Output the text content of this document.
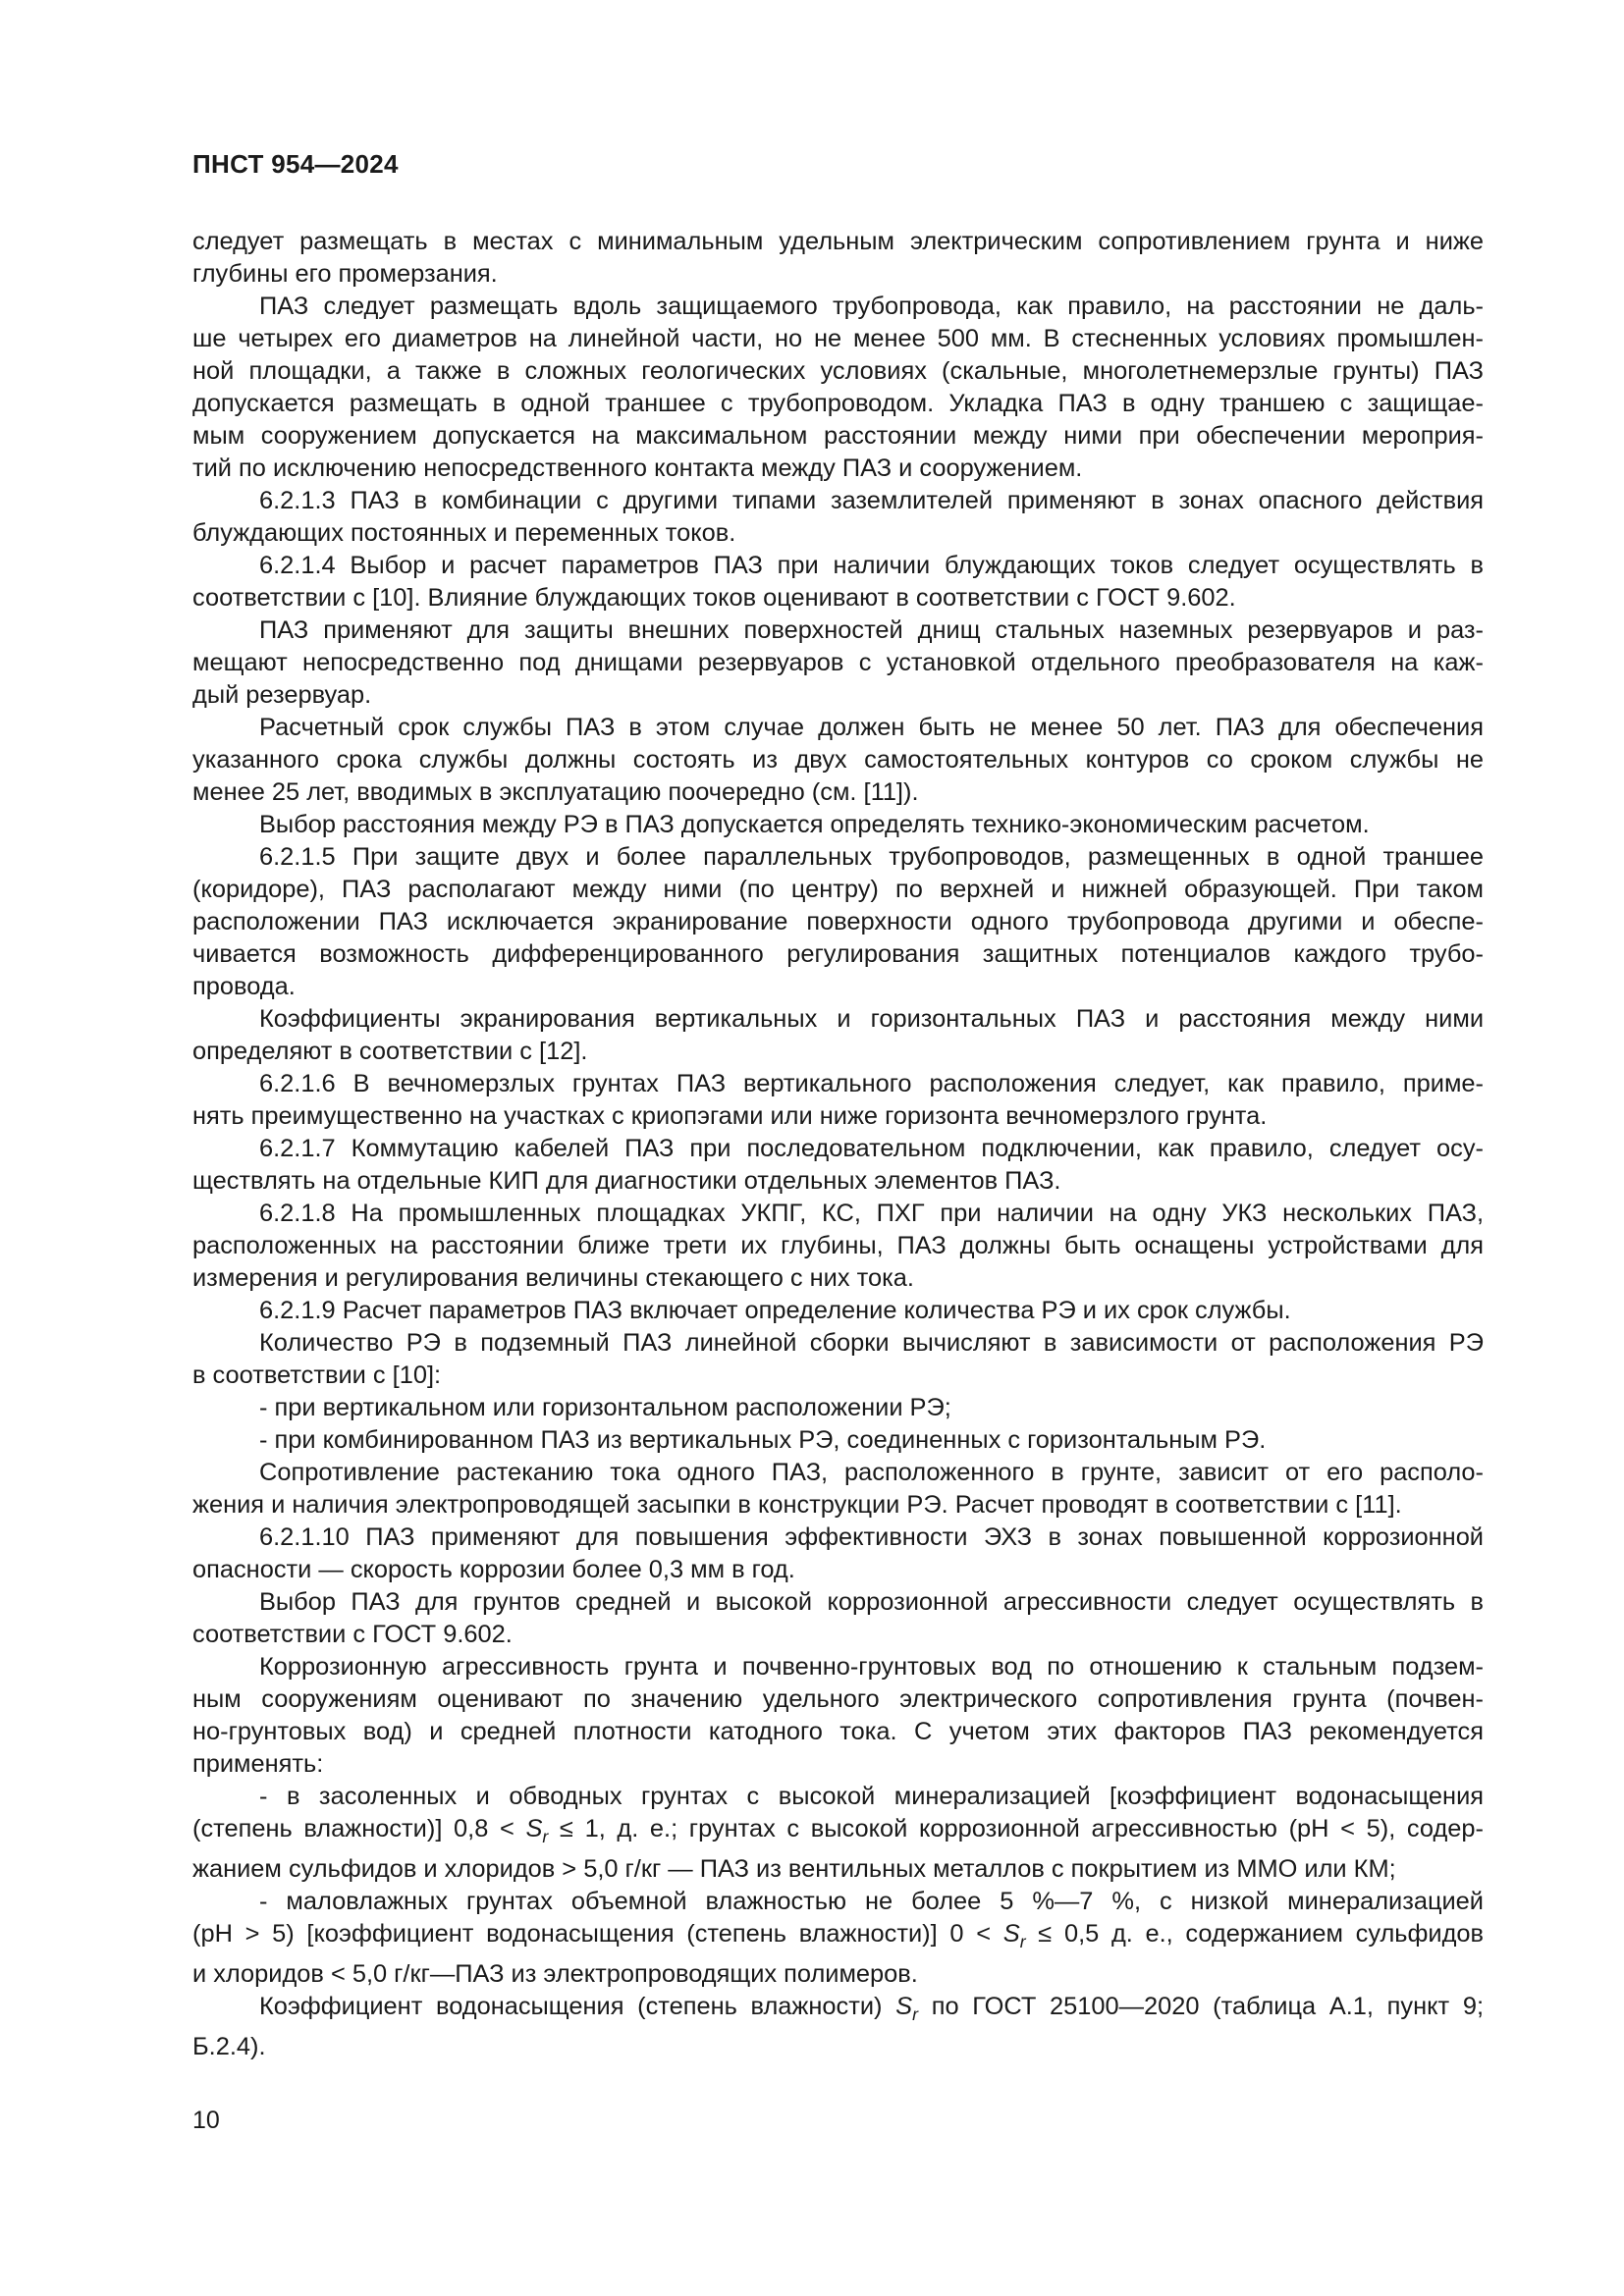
ПНСТ 954—2024
следует размещать в местах с минимальным удельным электрическим сопротивлением грунта и ниже
глубины его промерзания.
ПАЗ следует размещать вдоль защищаемого трубопровода, как правило, на расстоянии не даль-
ше четырех его диаметров на линейной части, но не менее 500 мм. В стесненных условиях промышлен-
ной площадки, а также в сложных геологических условиях (скальные, многолетнемерзлые грунты) ПАЗ
допускается размещать в одной траншее с трубопроводом. Укладка ПАЗ в одну траншею с защищае-
мым сооружением допускается на максимальном расстоянии между ними при обеспечении мероприя-
тий по исключению непосредственного контакта между ПАЗ и сооружением.
6.2.1.3 ПАЗ в комбинации с другими типами заземлителей применяют в зонах опасного действия
блуждающих постоянных и переменных токов.
6.2.1.4 Выбор и расчет параметров ПАЗ при наличии блуждающих токов следует осуществлять в
соответствии с [10]. Влияние блуждающих токов оценивают в соответствии с ГОСТ 9.602.
ПАЗ применяют для защиты внешних поверхностей днищ стальных наземных резервуаров и раз-
мещают непосредственно под днищами резервуаров с установкой отдельного преобразователя на каж-
дый резервуар.
Расчетный срок службы ПАЗ в этом случае должен быть не менее 50 лет. ПАЗ для обеспечения
указанного срока службы должны состоять из двух самостоятельных контуров со сроком службы не
менее 25 лет, вводимых в эксплуатацию поочередно (см. [11]).
Выбор расстояния между РЭ в ПАЗ допускается определять технико-экономическим расчетом.
6.2.1.5 При защите двух и более параллельных трубопроводов, размещенных в одной траншее
(коридоре), ПАЗ располагают между ними (по центру) по верхней и нижней образующей. При таком
расположении ПАЗ исключается экранирование поверхности одного трубопровода другими и обеспе-
чивается возможность дифференцированного регулирования защитных потенциалов каждого трубо-
провода.
Коэффициенты экранирования вертикальных и горизонтальных ПАЗ и расстояния между ними
определяют в соответствии с [12].
6.2.1.6 В вечномерзлых грунтах ПАЗ вертикального расположения следует, как правило, приме-
нять преимущественно на участках с криопэгами или ниже горизонта вечномерзлого грунта.
6.2.1.7 Коммутацию кабелей ПАЗ при последовательном подключении, как правило, следует осу-
ществлять на отдельные КИП для диагностики отдельных элементов ПАЗ.
6.2.1.8 На промышленных площадках УКПГ, КС, ПХГ при наличии на одну УКЗ нескольких ПАЗ,
расположенных на расстоянии ближе трети их глубины, ПАЗ должны быть оснащены устройствами для
измерения и регулирования величины стекающего с них тока.
6.2.1.9 Расчет параметров ПАЗ включает определение количества РЭ и их срок службы.
Количество РЭ в подземный ПАЗ линейной сборки вычисляют в зависимости от расположения РЭ
в соответствии с [10]:
- при вертикальном или горизонтальном расположении РЭ;
- при комбинированном ПАЗ из вертикальных РЭ, соединенных с горизонтальным РЭ.
Сопротивление растеканию тока одного ПАЗ, расположенного в грунте, зависит от его располо-
жения и наличия электропроводящей засыпки в конструкции РЭ. Расчет проводят в соответствии с [11].
6.2.1.10 ПАЗ применяют для повышения эффективности ЭХЗ в зонах повышенной коррозионной
опасности — скорость коррозии более 0,3 мм в год.
Выбор ПАЗ для грунтов средней и высокой коррозионной агрессивности следует осуществлять в
соответствии с ГОСТ 9.602.
Коррозионную агрессивность грунта и почвенно-грунтовых вод по отношению к стальным подзем-
ным сооружениям оценивают по значению удельного электрического сопротивления грунта (почвен-
но-грунтовых вод) и средней плотности катодного тока. С учетом этих факторов ПАЗ рекомендуется
применять:
- в засоленных и обводных грунтах с высокой минерализацией [коэффициент водонасыщения
(степень влажности)] $0,8 < S_r \le 1$, д. е.; грунтах с высокой коррозионной агрессивностью (pH < 5), содер-
жанием сульфидов и хлоридов > 5,0 г/кг — ПАЗ из вентильных металлов с покрытием из ММО или КМ;
- маловлажных грунтах объемной влажностью не более 5 %—7 %, с низкой минерализацией
(pH > 5) [коэффициент водонасыщения (степень влажности)] $0 < S_r \le 0,5$ д. е., содержанием сульфидов
и хлоридов < 5,0 г/кг—ПАЗ из электропроводящих полимеров.
Коэффициент водонасыщения (степень влажности) $S_r$ по ГОСТ 25100—2020 (таблица А.1, пункт 9;
Б.2.4).
10
